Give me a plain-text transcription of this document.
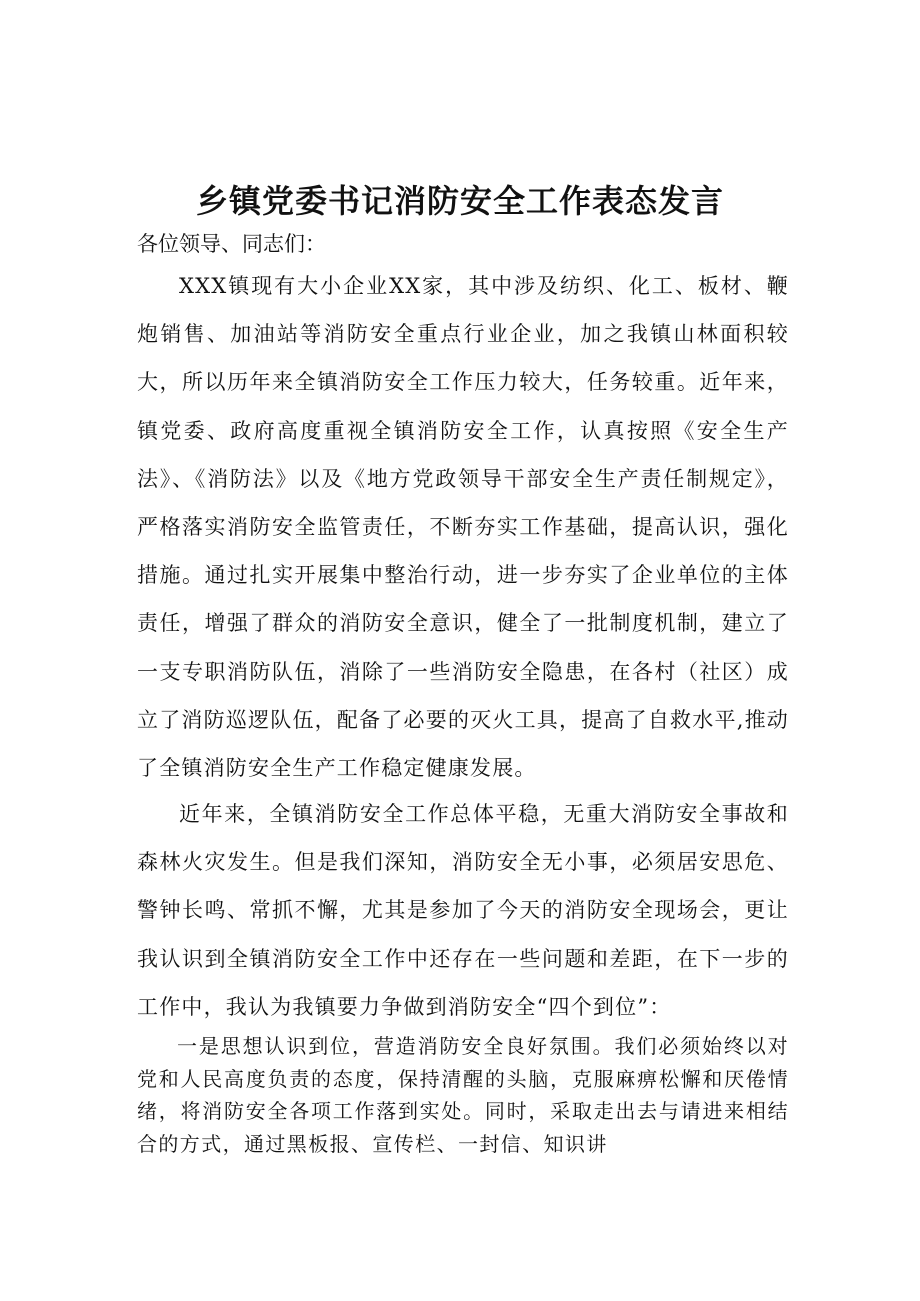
乡镇党委书记消防安全工作表态发言
各位领导、同志们：

XXX镇现有大小企业XX家，其中涉及纺织、化工、板材、鞭炮销售、加油站等消防安全重点行业企业，加之我镇山林面积较大，所以历年来全镇消防安全工作压力较大，任务较重。近年来，镇党委、政府高度重视全镇消防安全工作，认真按照《安全生产法》、《消防法》以及《地方党政领导干部安全生产责任制规定》，严格落实消防安全监管责任，不断夯实工作基础，提高认识，强化措施。通过扎实开展集中整治行动，进一步夯实了企业单位的主体责任，增强了群众的消防安全意识，健全了一批制度机制，建立了一支专职消防队伍，消除了一些消防安全隐患，在各村（社区）成立了消防巡逻队伍，配备了必要的灭火工具，提高了自救水平,推动了全镇消防安全生产工作稳定健康发展。

近年来，全镇消防安全工作总体平稳，无重大消防安全事故和森林火灾发生。但是我们深知，消防安全无小事，必须居安思危、警钟长鸣、常抓不懈，尤其是参加了今天的消防安全现场会，更让我认识到全镇消防安全工作中还存在一些问题和差距，在下一步的工作中，我认为我镇要力争做到消防安全“四个到位”：

一是思想认识到位，营造消防安全良好氛围。我们必须始终以对党和人民高度负责的态度，保持清醒的头脑，克服麻痹松懈和厌倦情绪，将消防安全各项工作落到实处。同时，采取走出去与请进来相结合的方式，通过黑板报、宣传栏、一封信、知识讲
